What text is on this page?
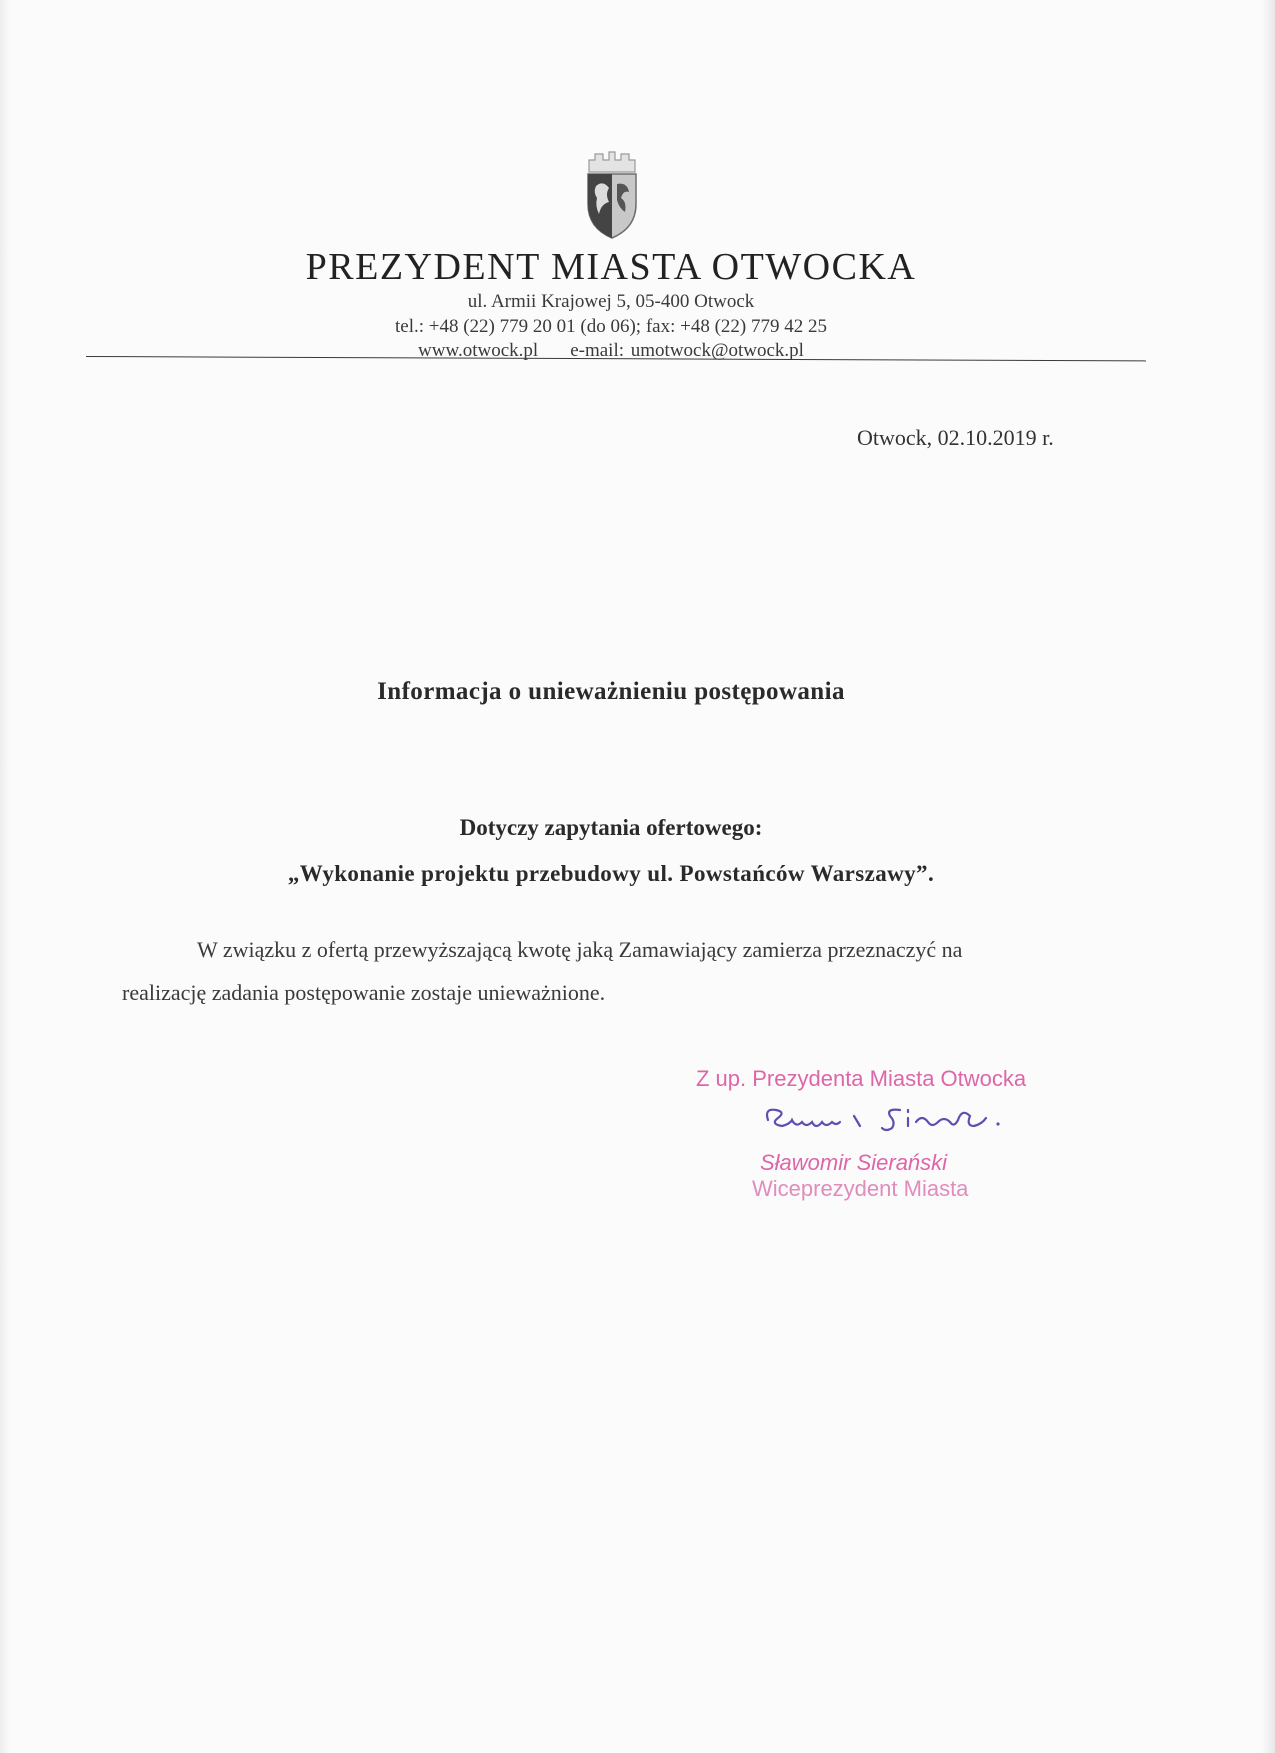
PREZYDENT MIASTA OTWOCKA
ul. Armii Krajowej 5, 05-400 Otwock
tel.: +48 (22) 779 20 01 (do 06); fax: +48 (22) 779 42 25
www.otwock.pl e-mail: umotwock@otwock.pl
Otwock, 02.10.2019 r.
Informacja o unieważnieniu postępowania
Dotyczy zapytania ofertowego:
„Wykonanie projektu przebudowy ul. Powstańców Warszawy”.
W związku z ofertą przewyższającą kwotę jaką Zamawiający zamierza przeznaczyć na
realizację zadania postępowanie zostaje unieważnione.
Z up. Prezydenta Miasta Otwocka
Sławomir Sierański
Wiceprezydent Miasta
